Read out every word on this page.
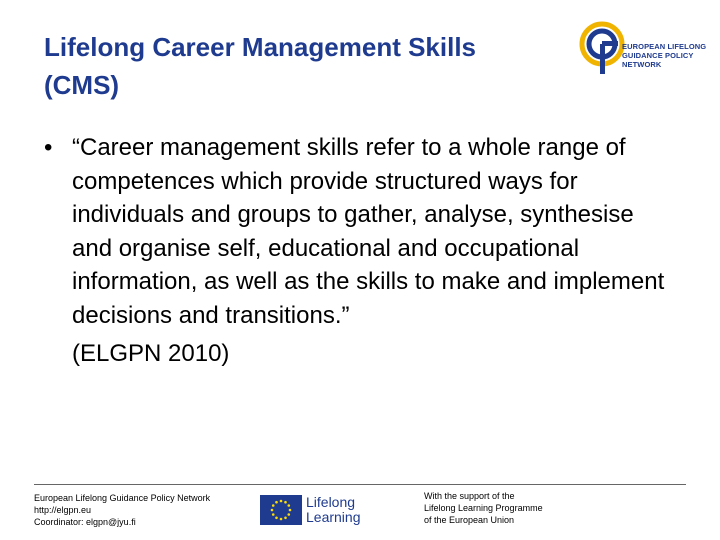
Lifelong Career Management Skills
(CMS)
EUROPEAN LIFELONG
GUIDANCE POLICY
NETWORK
• “Career management skills refer to a whole range of competences which provide structured ways for individuals and groups to gather, analyse, synthesise and organise self, educational and occupational information, as well as the skills to make and implement decisions and transitions.”
(ELGPN 2010)
European Lifelong Guidance Policy Network
http://elgpn.eu
Coordinator: elgpn@jyu.fi
Lifelong
Learning
With the support of the
Lifelong Learning Programme
of the European Union
